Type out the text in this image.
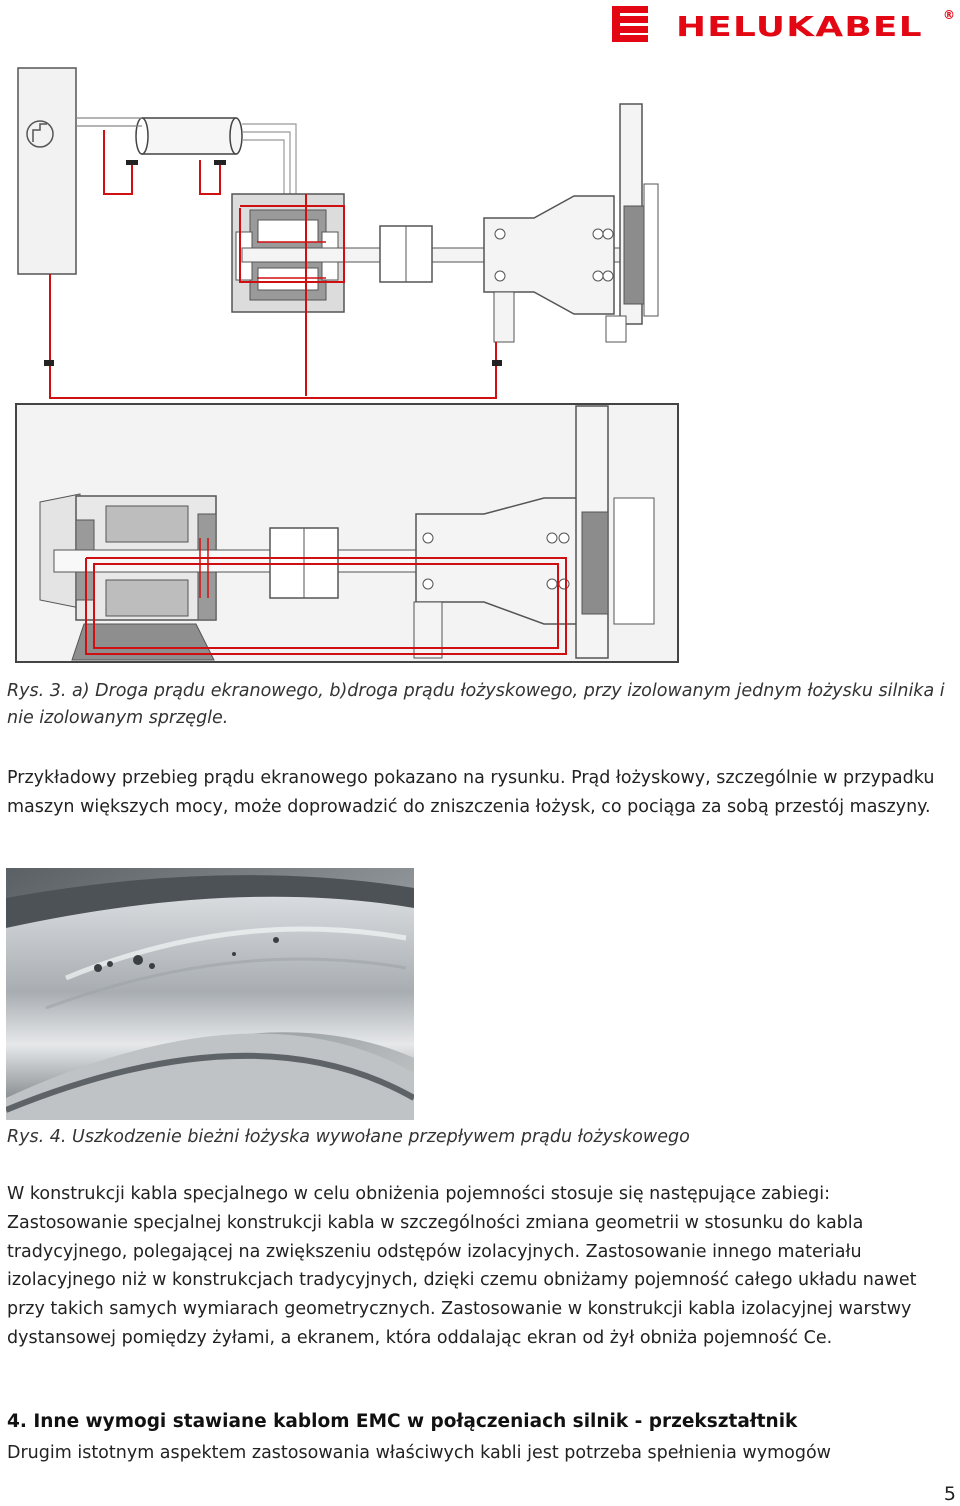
HELUKABEL ®

Rys. 3. a) Droga prądu ekranowego, b)droga prądu łożyskowego, przy izolowanym jednym łożysku silnika i nie izolowanym sprzęgle.

Przykładowy przebieg prądu ekranowego pokazano na rysunku. Prąd łożyskowy, szczególnie w przypadku maszyn większych mocy, może doprowadzić do zniszczenia łożysk, co pociąga za sobą przestój maszyny.

Rys. 4. Uszkodzenie bieżni łożyska wywołane przepływem prądu łożyskowego

W konstrukcji kabla specjalnego w celu obniżenia pojemności stosuje się następujące zabiegi: Zastosowanie specjalnej konstrukcji kabla w szczególności zmiana geometrii w stosunku do kabla tradycyjnego, polegającej na zwiększeniu odstępów izolacyjnych. Zastosowanie innego materiału izolacyjnego niż w konstrukcjach tradycyjnych, dzięki czemu obniżamy pojemność całego układu nawet przy takich samych wymiarach geometrycznych. Zastosowanie w konstrukcji kabla izolacyjnej warstwy dystansowej pomiędzy żyłami, a ekranem, która oddalając ekran od żył obniża pojemność Ce.

4. Inne wymogi stawiane kablom EMC w połączeniach silnik - przekształtnik

Drugim istotnym aspektem zastosowania właściwych kabli jest potrzeba spełnienia wymogów

5
